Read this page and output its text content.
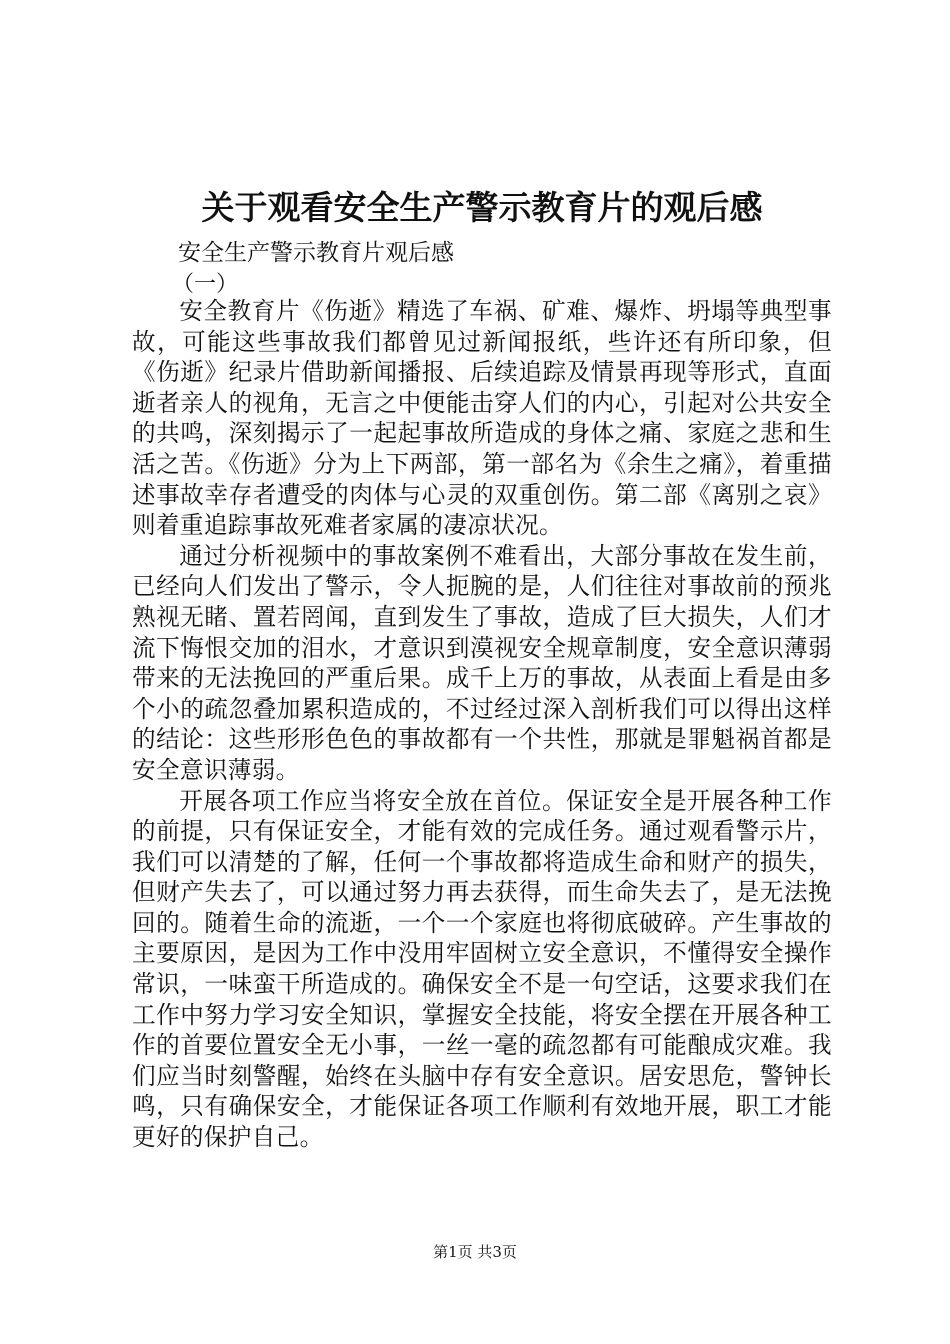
关于观看安全生产警示教育片的观后感

安全生产警示教育片观后感

（一）

安全教育片《伤逝》精选了车祸、矿难、爆炸、坍塌等典型事故，可能这些事故我们都曾见过新闻报纸，些许还有所印象，但《伤逝》纪录片借助新闻播报、后续追踪及情景再现等形式，直面逝者亲人的视角，无言之中便能击穿人们的内心，引起对公共安全的共鸣，深刻揭示了一起起事故所造成的身体之痛、家庭之悲和生活之苦。《伤逝》分为上下两部，第一部名为《余生之痛》，着重描述事故幸存者遭受的肉体与心灵的双重创伤。第二部《离别之哀》则着重追踪事故死难者家属的凄凉状况。

通过分析视频中的事故案例不难看出，大部分事故在发生前，已经向人们发出了警示，令人扼腕的是，人们往往对事故前的预兆熟视无睹、置若罔闻，直到发生了事故，造成了巨大损失，人们才流下悔恨交加的泪水，才意识到漠视安全规章制度，安全意识薄弱带来的无法挽回的严重后果。成千上万的事故，从表面上看是由多个小的疏忽叠加累积造成的，不过经过深入剖析我们可以得出这样的结论：这些形形色色的事故都有一个共性，那就是罪魁祸首都是安全意识薄弱。

开展各项工作应当将安全放在首位。保证安全是开展各种工作的前提，只有保证安全，才能有效的完成任务。通过观看警示片，我们可以清楚的了解，任何一个事故都将造成生命和财产的损失，但财产失去了，可以通过努力再去获得，而生命失去了，是无法挽回的。随着生命的流逝，一个一个家庭也将彻底破碎。产生事故的主要原因，是因为工作中没用牢固树立安全意识，不懂得安全操作常识，一味蛮干所造成的。确保安全不是一句空话，这要求我们在工作中努力学习安全知识，掌握安全技能，将安全摆在开展各种工作的首要位置安全无小事，一丝一毫的疏忽都有可能酿成灾难。我们应当时刻警醒，始终在头脑中存有安全意识。居安思危，警钟长鸣，只有确保安全，才能保证各项工作顺利有效地开展，职工才能更好的保护自己。

第1页 共3页
